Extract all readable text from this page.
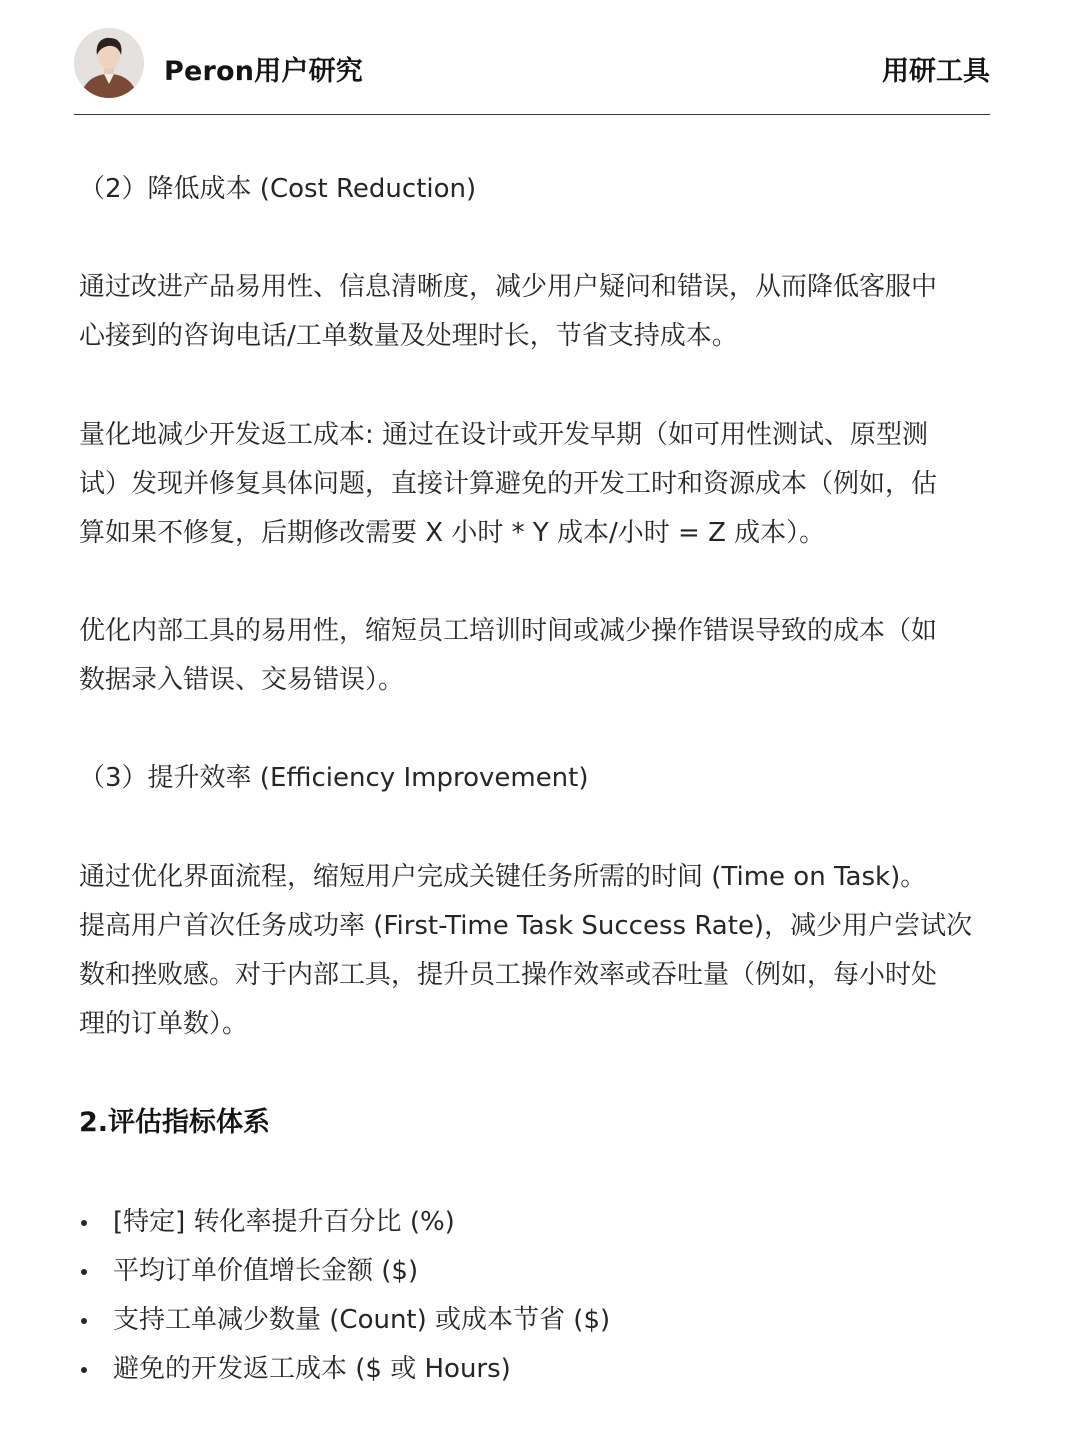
Peron用户研究	用研工具

（2）降低成本 (Cost Reduction)

通过改进产品易用性、信息清晰度，减少用户疑问和错误，从而降低客服中
心接到的咨询电话/工单数量及处理时长，节省支持成本。

量化地减少开发返工成本: 通过在设计或开发早期（如可用性测试、原型测
试）发现并修复具体问题，直接计算避免的开发工时和资源成本（例如，估
算如果不修复，后期修改需要 X 小时 * Y 成本/小时 = Z 成本）。

优化内部工具的易用性，缩短员工培训时间或减少操作错误导致的成本（如
数据录入错误、交易错误）。

（3）提升效率 (Efficiency Improvement)

通过优化界面流程，缩短用户完成关键任务所需的时间 (Time on Task)。
提高用户首次任务成功率 (First-Time Task Success Rate)，减少用户尝试次
数和挫败感。对于内部工具，提升员工操作效率或吞吐量（例如，每小时处
理的订单数）。

2.评估指标体系
[特定] 转化率提升百分比 (%)
平均订单价值增长金额 ($)
支持工单减少数量 (Count) 或成本节省 ($)
避免的开发返工成本 ($ 或 Hours)
